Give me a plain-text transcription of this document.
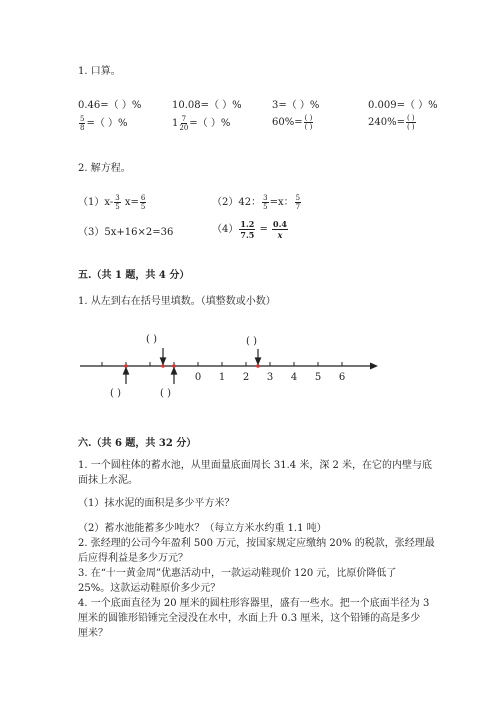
1. 口算。
0.46=（ ）%	10.08=（ ）%	3=（ ）%	0.009=（ ）%
$\frac{5}{8}$ =（ ）%	$1 \frac{7}{20}$ =（ ）%	$60\%= \frac{( )}{( )}$	$240\%= \frac{( )}{( )}$
2. 解方程。
$(1)x- \frac{3}{5} x= \frac{6}{5}$	（2）42： $\frac{3}{5} =x$： $\frac{5}{7}$
（3）5x+16×2=36	$(4) \frac{1.2}{7.5} = \frac{0.4}{x}$
五.（共 1 题，共 4 分）
1. 从左到右在括号里填数。（填整数或小数）
( )	( )
( )	( )
0 1 2 3 4 5 6
六.（共 6 题，共 32 分）
1. 一个圆柱体的蓄水池，从里面量底面周长 31.4 米，深 2 米，在它的内壁与底
面抹上水泥。
（1）抹水泥的面积是多少平方米？
（2）蓄水池能蓄多少吨水？（每立方米水约重 1.1 吨）
2. 张经理的公司今年盈利 500 万元，按国家规定应缴纳 20% 的税款，张经理最
后应得利益是多少万元？
3. 在“十一黄金周”优惠活动中，一款运动鞋现价 120 元，比原价降低了
25%。这款运动鞋原价多少元？
4. 一个底面直径为 20 厘米的圆柱形容器里，盛有一些水。把一个底面半径为 3
厘米的圆锥形铅锤完全浸没在水中，水面上升 0.3 厘米，这个铅锤的高是多少
厘米？
